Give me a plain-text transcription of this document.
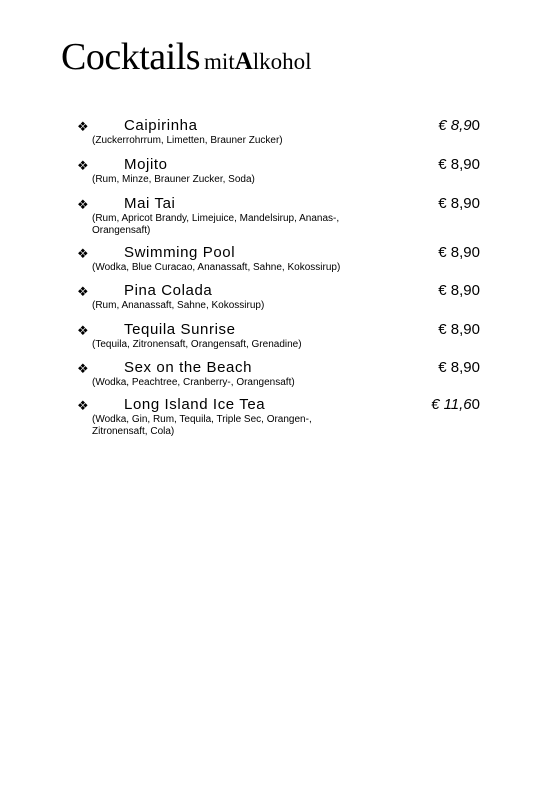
Cocktails mitAlkohol
❖ Caipirinha	€ 8,90
(Zuckerrohrrum, Limetten, Brauner Zucker)
❖ Mojito	€ 8,90
(Rum, Minze, Brauner Zucker, Soda)
❖ Mai Tai	€ 8,90
(Rum, Apricot Brandy, Limejuice, Mandelsirup, Ananas-, Orangensaft)
❖ Swimming Pool	€ 8,90
(Wodka, Blue Curacao, Ananassaft, Sahne, Kokossirup)
❖ Pina Colada	€ 8,90
(Rum, Ananassaft, Sahne, Kokossirup)
❖ Tequila Sunrise	€ 8,90
(Tequila, Zitronensaft, Orangensaft, Grenadine)
❖ Sex on the Beach	€ 8,90
(Wodka, Peachtree, Cranberry-, Orangensaft)
❖ Long Island Ice Tea	€ 11,60
(Wodka, Gin, Rum, Tequila, Triple Sec, Orangen-, Zitronensaft, Cola)
